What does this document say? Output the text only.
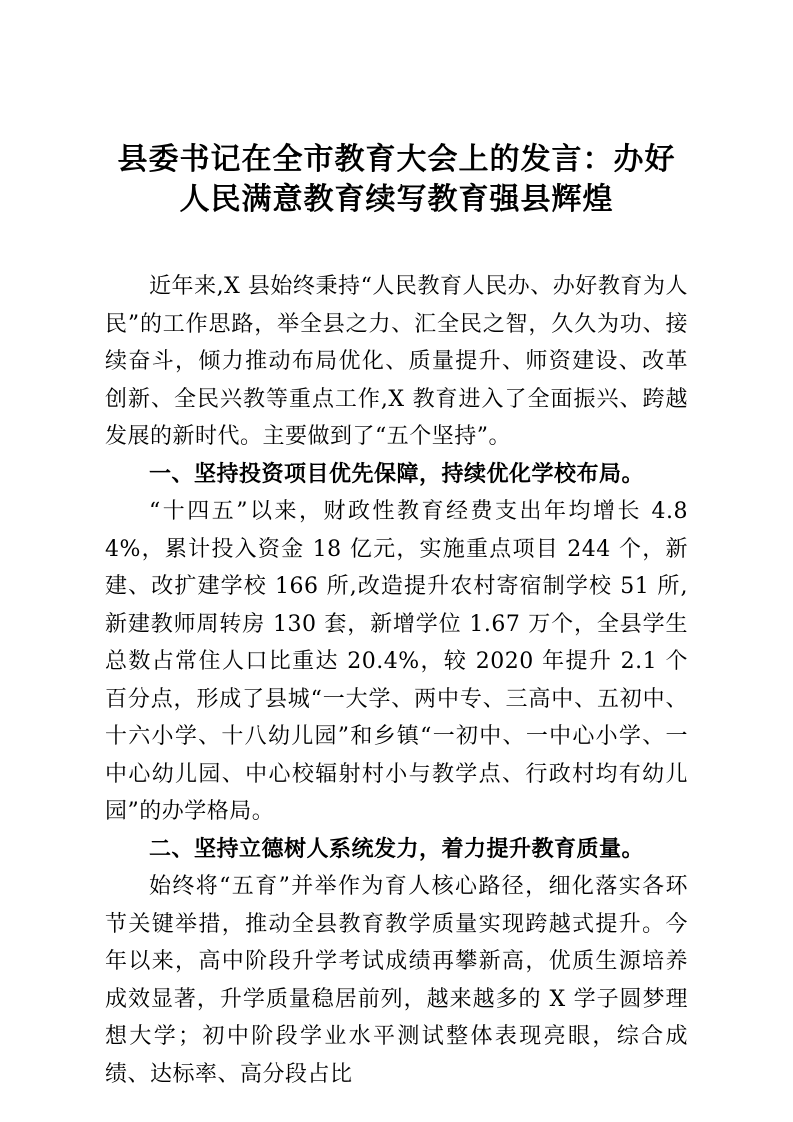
县委书记在全市教育大会上的发言：办好人民满意教育续写教育强县辉煌

近年来,X 县始终秉持“人民教育人民办、办好教育为人民”的工作思路，举全县之力、汇全民之智，久久为功、接续奋斗，倾力推动布局优化、质量提升、师资建设、改革创新、全民兴教等重点工作,X 教育进入了全面振兴、跨越发展的新时代。主要做到了“五个坚持”。

一、坚持投资项目优先保障，持续优化学校布局。

“十四五”以来，财政性教育经费支出年均增长 4.84%，累计投入资金 18 亿元，实施重点项目 244 个，新建、改扩建学校 166 所,改造提升农村寄宿制学校 51 所,新建教师周转房 130 套，新增学位 1.67 万个，全县学生总数占常住人口比重达 20.4%，较 2020 年提升 2.1 个百分点，形成了县城“一大学、两中专、三高中、五初中、十六小学、十八幼儿园”和乡镇“一初中、一中心小学、一中心幼儿园、中心校辐射村小与教学点、行政村均有幼儿园”的办学格局。

二、坚持立德树人系统发力，着力提升教育质量。

始终将“五育”并举作为育人核心路径，细化落实各环节关键举措，推动全县教育教学质量实现跨越式提升。今年以来，高中阶段升学考试成绩再攀新高，优质生源培养成效显著，升学质量稳居前列，越来越多的 X 学子圆梦理想大学；初中阶段学业水平测试整体表现亮眼，综合成绩、达标率、高分段占比
